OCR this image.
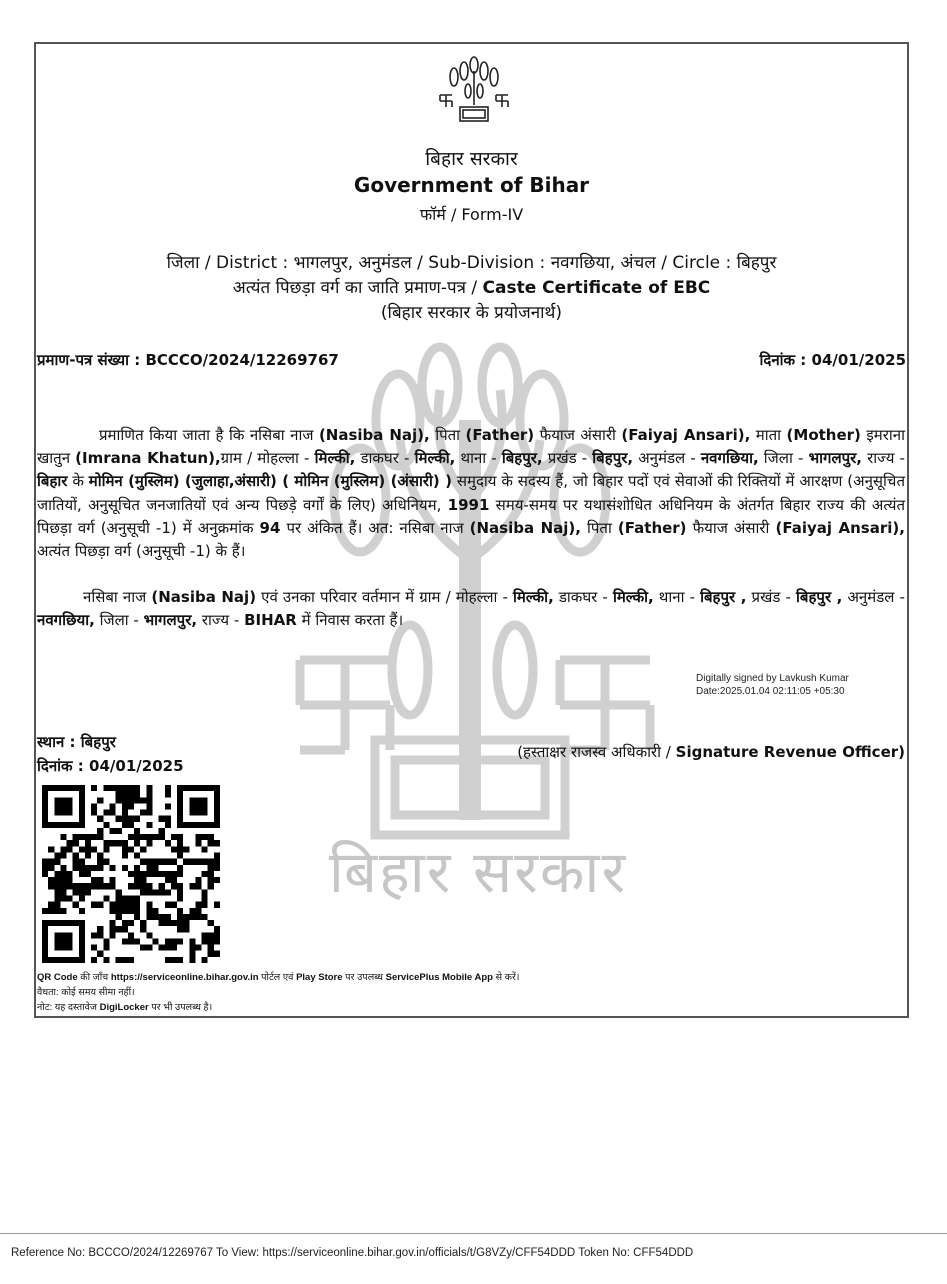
बिहार सरकार
बिहार सरकार
Government of Bihar
फॉर्म / Form-IV
जिला / District : भागलपुर, अनुमंडल / Sub-Division : नवगछिया, अंचल / Circle : बिहपुर
अत्यंत पिछड़ा वर्ग का जाति प्रमाण-पत्र / Caste Certificate of EBC
(बिहार सरकार के प्रयोजनार्थ)
प्रमाण-पत्र संख्या : BCCCO/2024/12269767	दिनांक : 04/01/2025
प्रमाणित किया जाता है कि नसिबा नाज (Nasiba Naj), पिता (Father) फैयाज अंसारी (Faiyaj Ansari), माता (Mother) इमराना खातुन (Imrana Khatun),ग्राम / मोहल्ला - मिल्की, डाकघर - मिल्की, थाना - बिहपुर, प्रखंड - बिहपुर, अनुमंडल - नवगछिया, जिला - भागलपुर, राज्य - बिहार के मोमिन (मुस्लिम) (जुलाहा,अंसारी) ( मोमिन (मुस्लिम) (अंसारी) ) समुदाय के सदस्य हैं, जो बिहार पदों एवं सेवाओं की रिक्तियों में आरक्षण (अनुसूचित जातियों, अनुसूचित जनजातियों एवं अन्य पिछड़े वर्गों के लिए) अधिनियम, 1991 समय-समय पर यथासंशोधित अधिनियम के अंतर्गत बिहार राज्य की अत्यंत पिछड़ा वर्ग (अनुसूची -1) में अनुक्रमांक 94 पर अंकित हैं। अत: नसिबा नाज (Nasiba Naj), पिता (Father) फैयाज अंसारी (Faiyaj Ansari), अत्यंत पिछड़ा वर्ग (अनुसूची -1) के हैं।
नसिबा नाज (Nasiba Naj) एवं उनका परिवार वर्तमान में ग्राम / मोहल्ला - मिल्की, डाकघर - मिल्की, थाना - बिहपुर , प्रखंड - बिहपुर , अनुमंडल - नवगछिया, जिला - भागलपुर, राज्य - BIHAR में निवास करता हैं।
Digitally signed by Lavkush Kumar
Date:2025.01.04 02:11:05 +05:30
स्थान : बिहपुर
दिनांक : 04/01/2025
(हस्ताक्षर राजस्व अधिकारी / Signature Revenue Officer)
QR Code की जाँच https://serviceonline.bihar.gov.in पोर्टल एवं Play Store पर उपलब्ध ServicePlus Mobile App से करें।
वैधता: कोई समय सीमा नहीं।
नोट: यह दस्तावेज DigiLocker पर भी उपलब्ध है।
Reference No: BCCCO/2024/12269767 To View: https://serviceonline.bihar.gov.in/officials/t/G8VZy/CFF54DDD Token No: CFF54DDD
